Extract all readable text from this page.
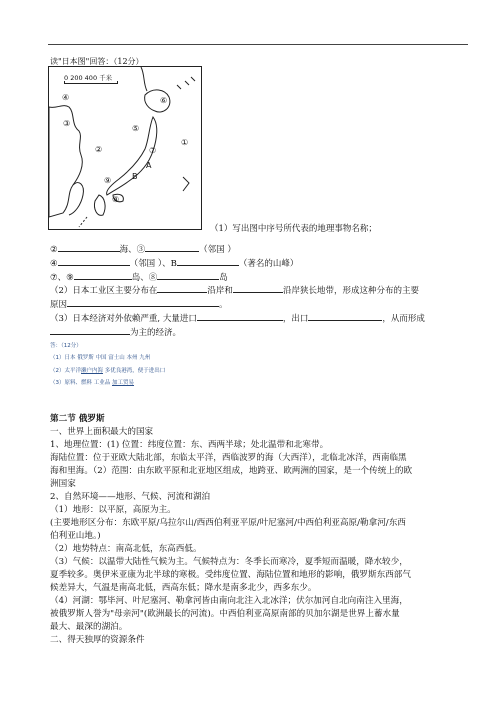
读"日本图"回答：（12分）
0 200 400 千米
④
③
②
①
⑥
⑤
⑦
⑧
⑨
A
B
（1）写出图中序号所代表的地理事物名称；
②	海、③	（邻国 ）
④	（邻国 ）、B	（著名的山峰）
⑦、⑨	岛、⑧	岛
（2）日本工业区主要分布在	沿岸和	沿岸狭长地带，形成这种分布的主要
原因	。
（3）日本经济对外依赖严重, 大量进口	，出口	，从而形成
为主的经济。
答：（12分）
（1）日本 俄罗斯 中国 富士山 本州 九州
（2）太平洋濑户内海 多优良港湾，便于进出口
（3）原料、燃料 工业品 加工贸易
第二节 俄罗斯
一、世界上面积最大的国家
1、地理位置：(1) 位置：纬度位置：东、西两半球；处北温带和北寒带。
海陆位置：位于亚欧大陆北部，东临太平洋，西临波罗的海（大西洋），北临北冰洋，西南临黑
海和里海。（2）范围：由东欧平原和北亚地区组成，地跨亚、欧两洲的国家，是一个传统上的欧
洲国家
2、自然环境——地形、气候、河流和湖泊
（1）地形：以平原，高原为主。
(主要地形区分布：东欧平原/乌拉尔山/西西伯利亚平原/叶尼塞河/中西伯利亚高原/勒拿河/东西
伯利亚山地。)
（2）地势特点：南高北低，东高西低。
（3）气候：以温带大陆性气候为主。气候特点为：冬季长而寒冷，夏季短而温暖，降水较少，
夏季较多。奥伊米亚康为北半球的寒极。受纬度位置、海陆位置和地形的影响，俄罗斯东西部气
候差异大，气温是南高北低，西高东低；降水是南多北少，西多东少。
（4）河湖：鄂毕河、叶尼塞河、勒拿河皆由南向北注入北冰洋；伏尔加河自北向南注入里海，
被俄罗斯人誉为"母亲河"(欧洲最长的河流)。中西伯利亚高原南部的贝加尔湖是世界上蓄水量
最大、最深的湖泊。
二、得天独厚的资源条件
